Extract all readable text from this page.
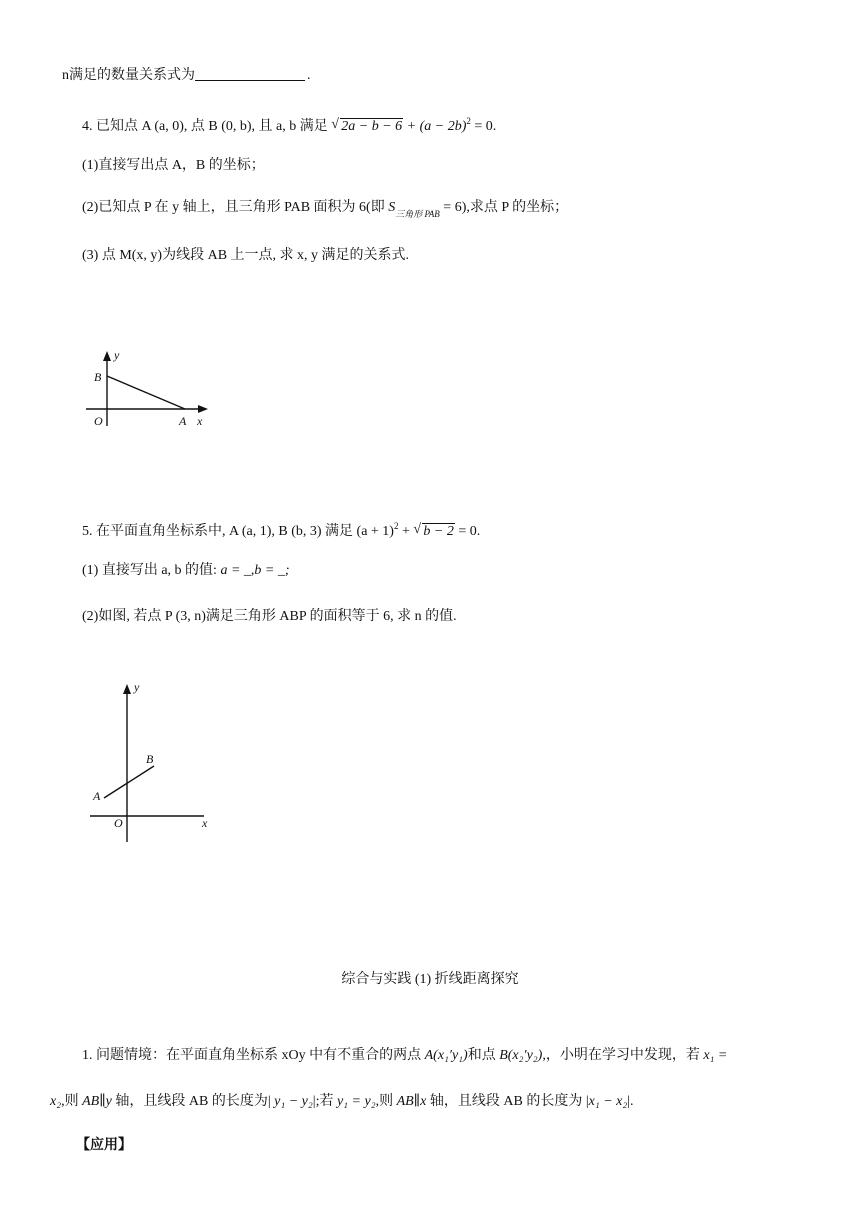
n满足的数量关系式为	.
4. 已知点 A (a, 0), 点 B (0, b), 且 a, b 满足 √ $2a - b - 6 + (a - 2b)^2 = 0$.
(1)直接写出点 A，B 的坐标；
(2)已知点 P 在 y 轴上，且三角形 PAB 面积为 6(即 $S_{三角形 PAB} = 6$),求点 P 的坐标；
(3) 点 M(x, y)为线段 AB 上一点, 求 x, y 满足的关系式.
y
B
O	A x
5. 在平面直角坐标系中, A (a, 1), B (b, 3) 满足 $(a + 1)^2$ + √ b − 2 = 0.
(1) 直接写出 a, b 的值: a = _,b = _;
(2)如图, 若点 P (3, n)满足三角形 ABP 的面积等于 6, 求 n 的值.
y
B
A
O	x
综合与实践 (1) 折线距离探究
1. 问题情境：在平面直角坐标系 xOy 中有不重合的两点 A(x₁′y₁)和点 B(x₂′y₂),，小明在学习中发现，若 x₁ =
x₂,则 AB∥y 轴，且线段 AB 的长度为| y₁ − y₂|;若 y₁ = y₂,则 AB∥x 轴，且线段 AB 的长度为 |x₁ − x₂|.
【应用】
